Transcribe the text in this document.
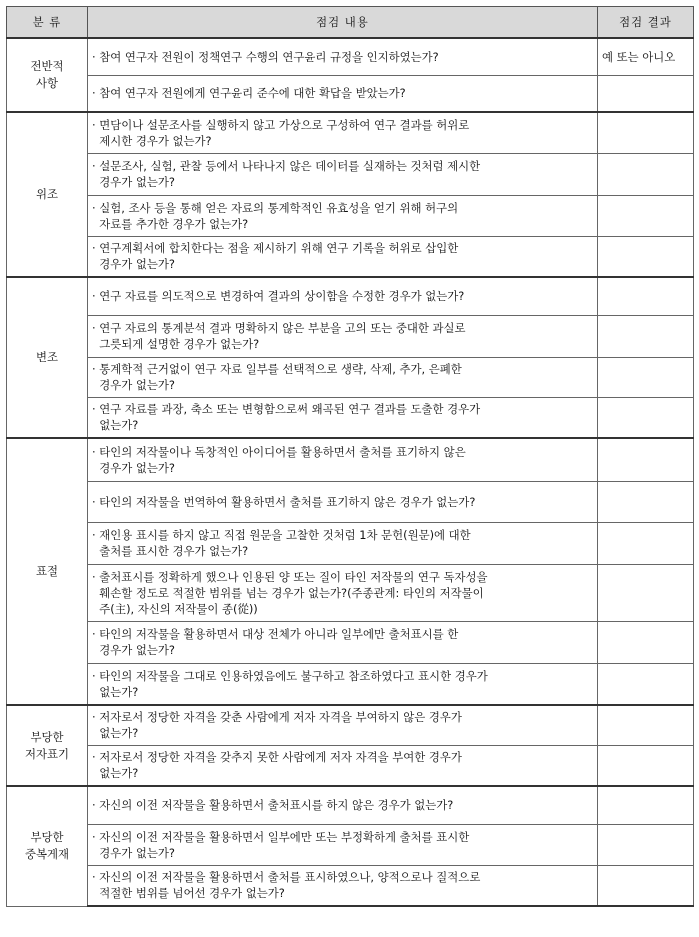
분 류	점검 내용	점검 결과
전반적
사항	· 참여 연구자 전원이 정책연구 수행의 연구윤리 규정을 인지하였는가?	예 또는 아니오
	· 참여 연구자 전원에게 연구윤리 준수에 대한 확답을 받았는가?	
위조	· 면담이나 설문조사를 실행하지 않고 가상으로 구성하여 연구 결과를 허위로
제시한 경우가 없는가?	
	· 설문조사, 실험, 관찰 등에서 나타나지 않은 데이터를 실재하는 것처럼 제시한
경우가 없는가?	
	· 실험, 조사 등을 통해 얻은 자료의 통계학적인 유효성을 얻기 위해 허구의
자료를 추가한 경우가 없는가?	
	· 연구계획서에 합치한다는 점을 제시하기 위해 연구 기록을 허위로 삽입한
경우가 없는가?	
변조	· 연구 자료를 의도적으로 변경하여 결과의 상이함을 수정한 경우가 없는가?	
	· 연구 자료의 통계분석 결과 명확하지 않은 부분을 고의 또는 중대한 과실로
그릇되게 설명한 경우가 없는가?	
	· 통계학적 근거없이 연구 자료 일부를 선택적으로 생략, 삭제, 추가, 은폐한
경우가 없는가?	
	· 연구 자료를 과장, 축소 또는 변형함으로써 왜곡된 연구 결과를 도출한 경우가
없는가?	
표절	· 타인의 저작물이나 독창적인 아이디어를 활용하면서 출처를 표기하지 않은
경우가 없는가?	
	· 타인의 저작물을 번역하여 활용하면서 출처를 표기하지 않은 경우가 없는가?	
	· 재인용 표시를 하지 않고 직접 원문을 고찰한 것처럼 1차 문헌(원문)에 대한
출처를 표시한 경우가 없는가?	
	· 출처표시를 정확하게 했으나 인용된 양 또는 질이 타인 저작물의 연구 독자성을
훼손할 정도로 적절한 범위를 넘는 경우가 없는가?(주종관계: 타인의 저작물이
주(主), 자신의 저작물이 종(從))	
	· 타인의 저작물을 활용하면서 대상 전체가 아니라 일부에만 출처표시를 한
경우가 없는가?	
	· 타인의 저작물을 그대로 인용하였음에도 불구하고 참조하였다고 표시한 경우가
없는가?	
부당한
저자표기	· 저자로서 정당한 자격을 갖춘 사람에게 저자 자격을 부여하지 않은 경우가
없는가?	
	· 저자로서 정당한 자격을 갖추지 못한 사람에게 저자 자격을 부여한 경우가
없는가?	
부당한
중복게재	· 자신의 이전 저작물을 활용하면서 출처표시를 하지 않은 경우가 없는가?	
	· 자신의 이전 저작물을 활용하면서 일부에만 또는 부정확하게 출처를 표시한
경우가 없는가?	
	· 자신의 이전 저작물을 활용하면서 출처를 표시하였으나, 양적으로나 질적으로
적절한 범위를 넘어선 경우가 없는가?	
